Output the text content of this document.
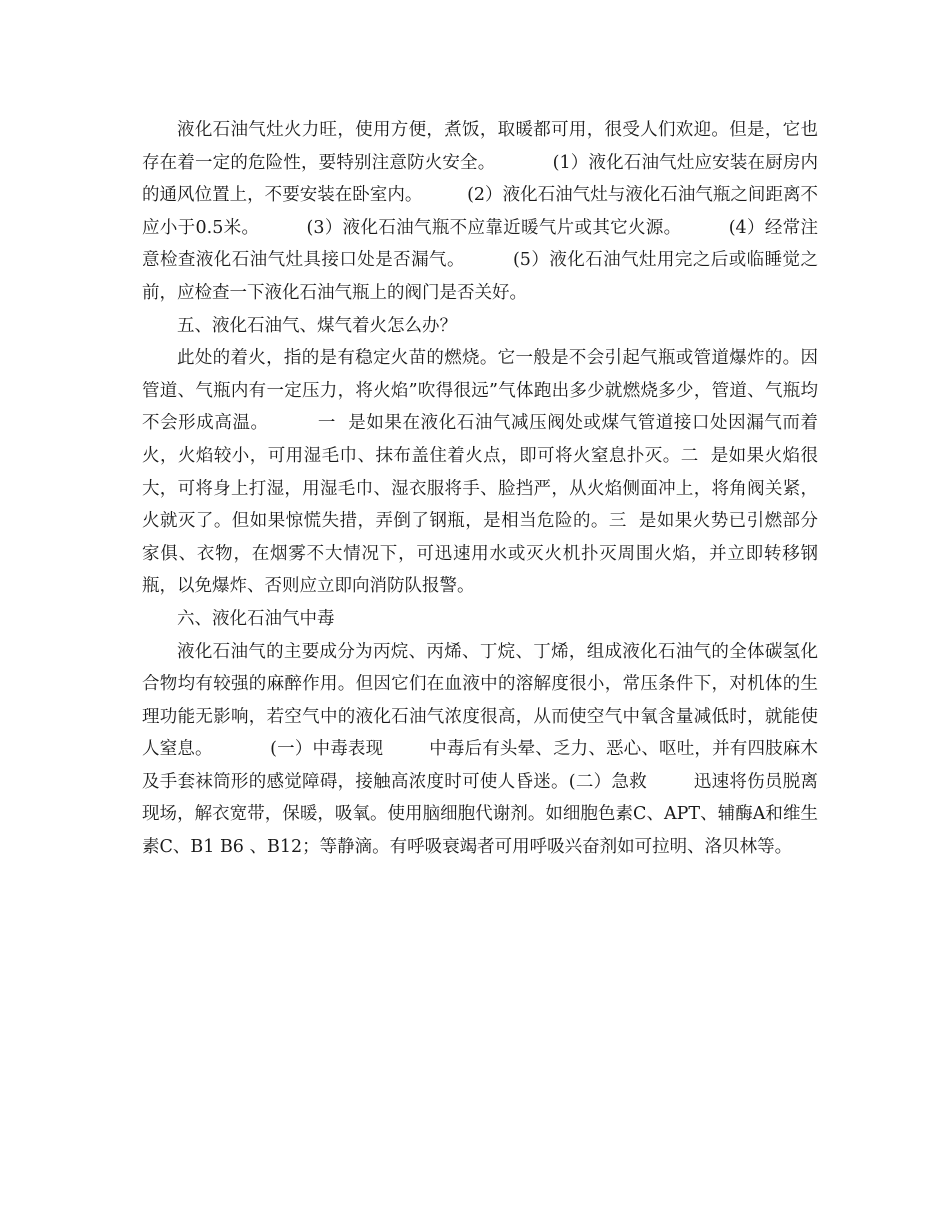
液化石油气灶火力旺，使用方便，煮饭，取暖都可用，很受人们欢迎。但是，它也存在着一定的危险性，要特别注意防火安全。          (1）液化石油气灶应安装在厨房内的通风位置上，不要安装在卧室内。        (2）液化石油气灶与液化石油气瓶之间距离不应小于0.5米。        (3）液化石油气瓶不应靠近暖气片或其它火源。        (4）经常注意检查液化石油气灶具接口处是否漏气。        (5）液化石油气灶用完之后或临睡觉之前，应检查一下液化石油气瓶上的阀门是否关好。

五、液化石油气、煤气着火怎么办？

此处的着火，指的是有稳定火苗的燃烧。它一般是不会引起气瓶或管道爆炸的。因管道、气瓶内有一定压力，将火焰”吹得很远”气体跑出多少就燃烧多少，管道、气瓶均不会形成高温。        一  是如果在液化石油气减压阀处或煤气管道接口处因漏气而着火，火焰较小，可用湿毛巾、抹布盖住着火点，即可将火窒息扑灭。二  是如果火焰很大，可将身上打湿，用湿毛巾、湿衣服将手、脸挡严，从火焰侧面冲上，将角阀关紧，火就灭了。但如果惊慌失措，弄倒了钢瓶，是相当危险的。三  是如果火势已引燃部分家俱、衣物，在烟雾不大情况下，可迅速用水或灭火机扑灭周围火焰，并立即转移钢瓶，以免爆炸、否则应立即向消防队报警。

六、液化石油气中毒

液化石油气的主要成分为丙烷、丙烯、丁烷、丁烯，组成液化石油气的全体碳氢化合物均有较强的麻醉作用。但因它们在血液中的溶解度很小，常压条件下，对机体的生理功能无影响，若空气中的液化石油气浓度很高，从而使空气中氧含量减低时，就能使人窒息。          (一）中毒表现        中毒后有头晕、乏力、恶心、呕吐，并有四肢麻木及手套袜筒形的感觉障碍，接触高浓度时可使人昏迷。(二）急救        迅速将伤员脱离现场，解衣宽带，保暖，吸氧。使用脑细胞代谢剂。如细胞色素C、APT、辅酶A和维生素C、B1 B6 、B12；等静滴。有呼吸衰竭者可用呼吸兴奋剂如可拉明、洛贝林等。
